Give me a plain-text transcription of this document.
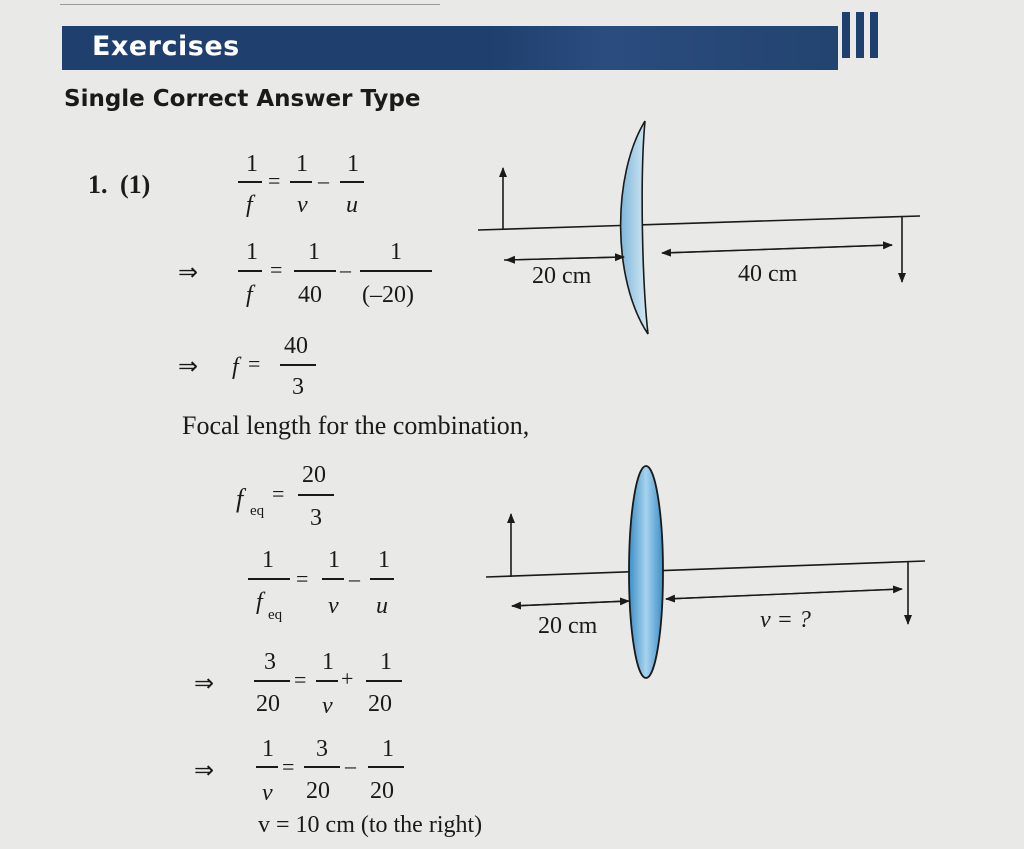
Exercises
Single Correct Answer Type
1. (1)
1
f
=
1
v
–
1
u
⇒
1
f
=
1
40
–
1
(–20)
⇒ f =
40
3
Focal length for the combination,
f eq
=
20
3
1
f eq
=
1
v
–
1
u
⇒
3
20
=
1
v
+
1
20
⇒
1
v
=
3
20
–
1
20
v = 10 cm (to the right)
20 cm	40 cm
20 cm	v = ?
